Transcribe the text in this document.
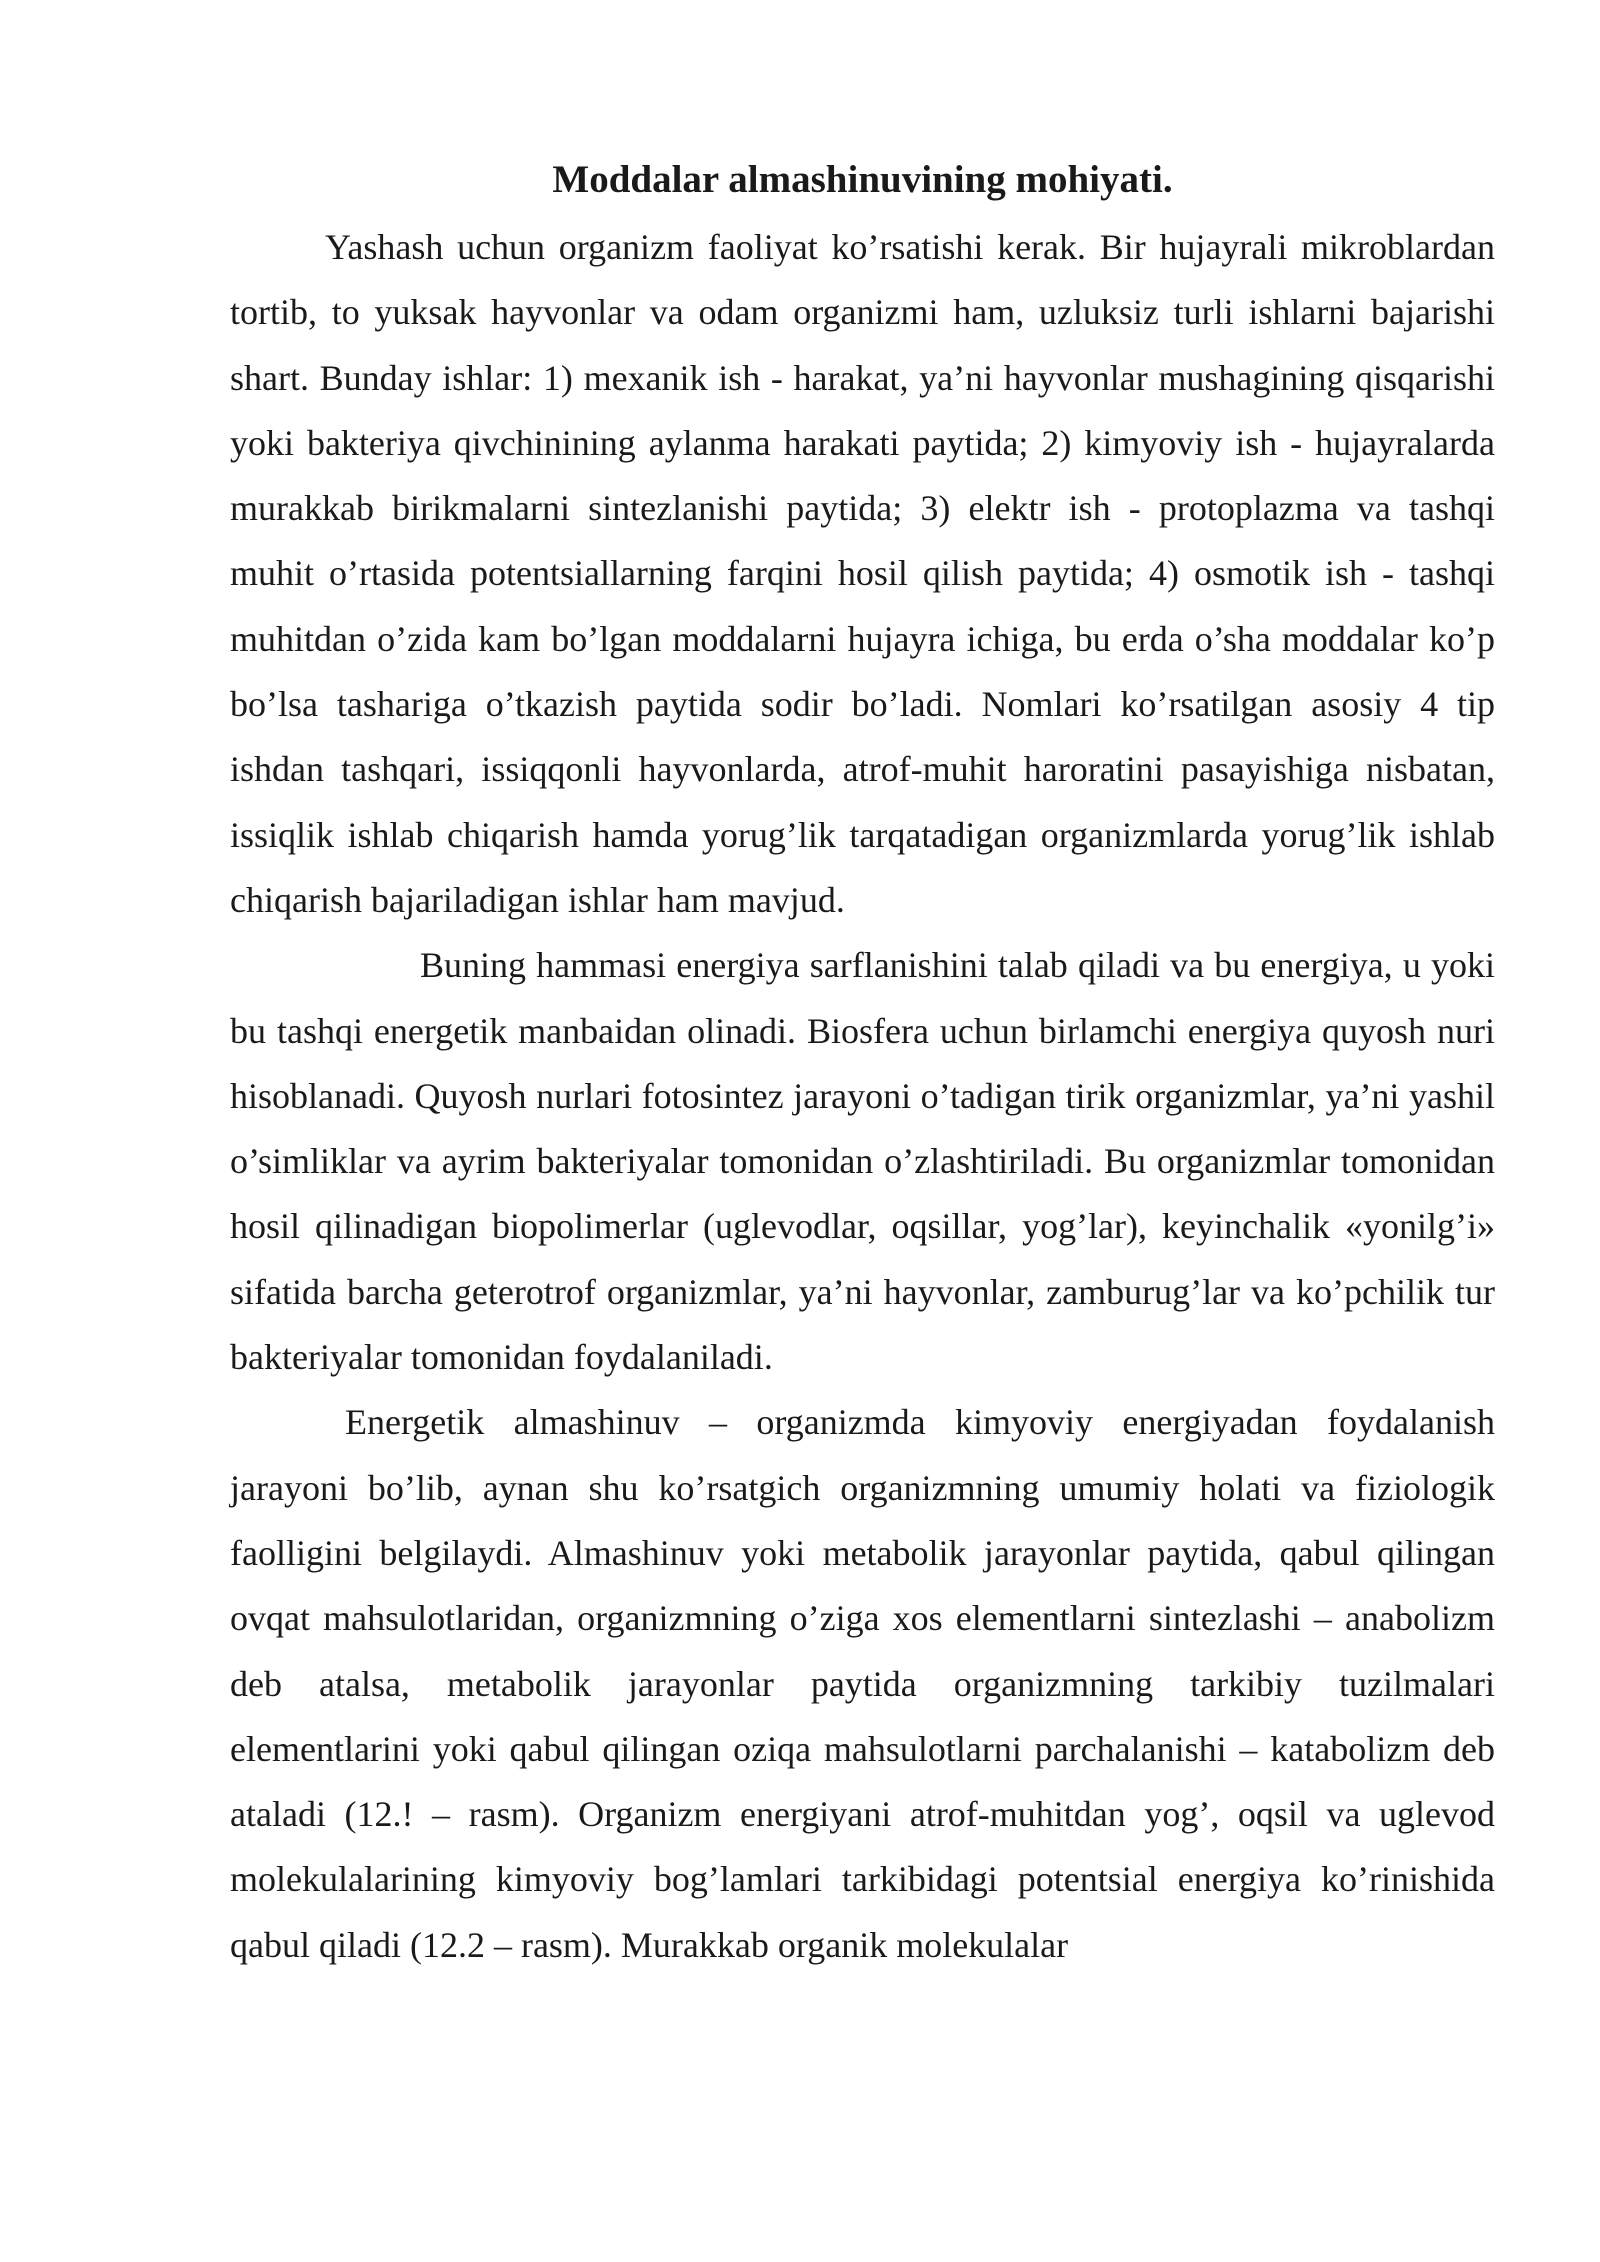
Moddalar almashinuvining mohiyati.

Yashash uchun organizm faoliyat ko’rsatishi kerak. Bir hujayrali mikroblardan tortib, to yuksak hayvonlar va odam organizmi ham, uzluksiz turli ishlarni bajarishi shart. Bunday ishlar: 1) mexanik ish - harakat, ya’ni hayvonlar mushagining qisqarishi yoki bakteriya qivchinining aylanma harakati paytida; 2) kimyoviy ish - hujayralarda murakkab birikmalarni sintezlanishi paytida; 3) elektr ish - protoplazma va tashqi muhit o’rtasida potentsiallarning farqini hosil qilish paytida; 4) osmotik ish - tashqi muhitdan o’zida kam bo’lgan moddalarni hujayra ichiga, bu erda o’sha moddalar ko’p bo’lsa tashariga o’tkazish paytida sodir bo’ladi. Nomlari ko’rsatilgan asosiy 4 tip ishdan tashqari, issiqqonli hayvonlarda, atrof-muhit haroratini pasayishiga nisbatan, issiqlik ishlab chiqarish hamda yorug’lik tarqatadigan organizmlarda yorug’lik ishlab chiqarish bajariladigan ishlar ham mavjud.

Buning hammasi energiya sarflanishini talab qiladi va bu energiya, u yoki bu tashqi energetik manbaidan olinadi. Biosfera uchun birlamchi energiya quyosh nuri hisoblanadi. Quyosh nurlari fotosintez jarayoni o’tadigan tirik organizmlar, ya’ni yashil o’simliklar va ayrim bakteriyalar tomonidan o’zlashtiriladi. Bu organizmlar tomonidan hosil qilinadigan biopolimerlar (uglevodlar, oqsillar, yog’lar), keyinchalik «yonilg’i» sifatida barcha geterotrof organizmlar, ya’ni hayvonlar, zamburug’lar va ko’pchilik tur bakteriyalar tomonidan foydalaniladi.

Energetik almashinuv – organizmda kimyoviy energiyadan foydalanish jarayoni bo’lib, aynan shu ko’rsatgich organizmning umumiy holati va fiziologik faolligini belgilaydi. Almashinuv yoki metabolik jarayonlar paytida, qabul qilingan ovqat mahsulotlaridan, organizmning o’ziga xos elementlarni sintezlashi – anabolizm deb atalsa, metabolik jarayonlar paytida organizmning tarkibiy tuzilmalari elementlarini yoki qabul qilingan oziqa mahsulotlarni parchalanishi – katabolizm deb ataladi (12.! – rasm). Organizm energiyani atrof-muhitdan yog’, oqsil va uglevod molekulalarining kimyoviy bog’lamlari tarkibidagi potentsial energiya ko’rinishida qabul qiladi (12.2 – rasm). Murakkab organik molekulalar
